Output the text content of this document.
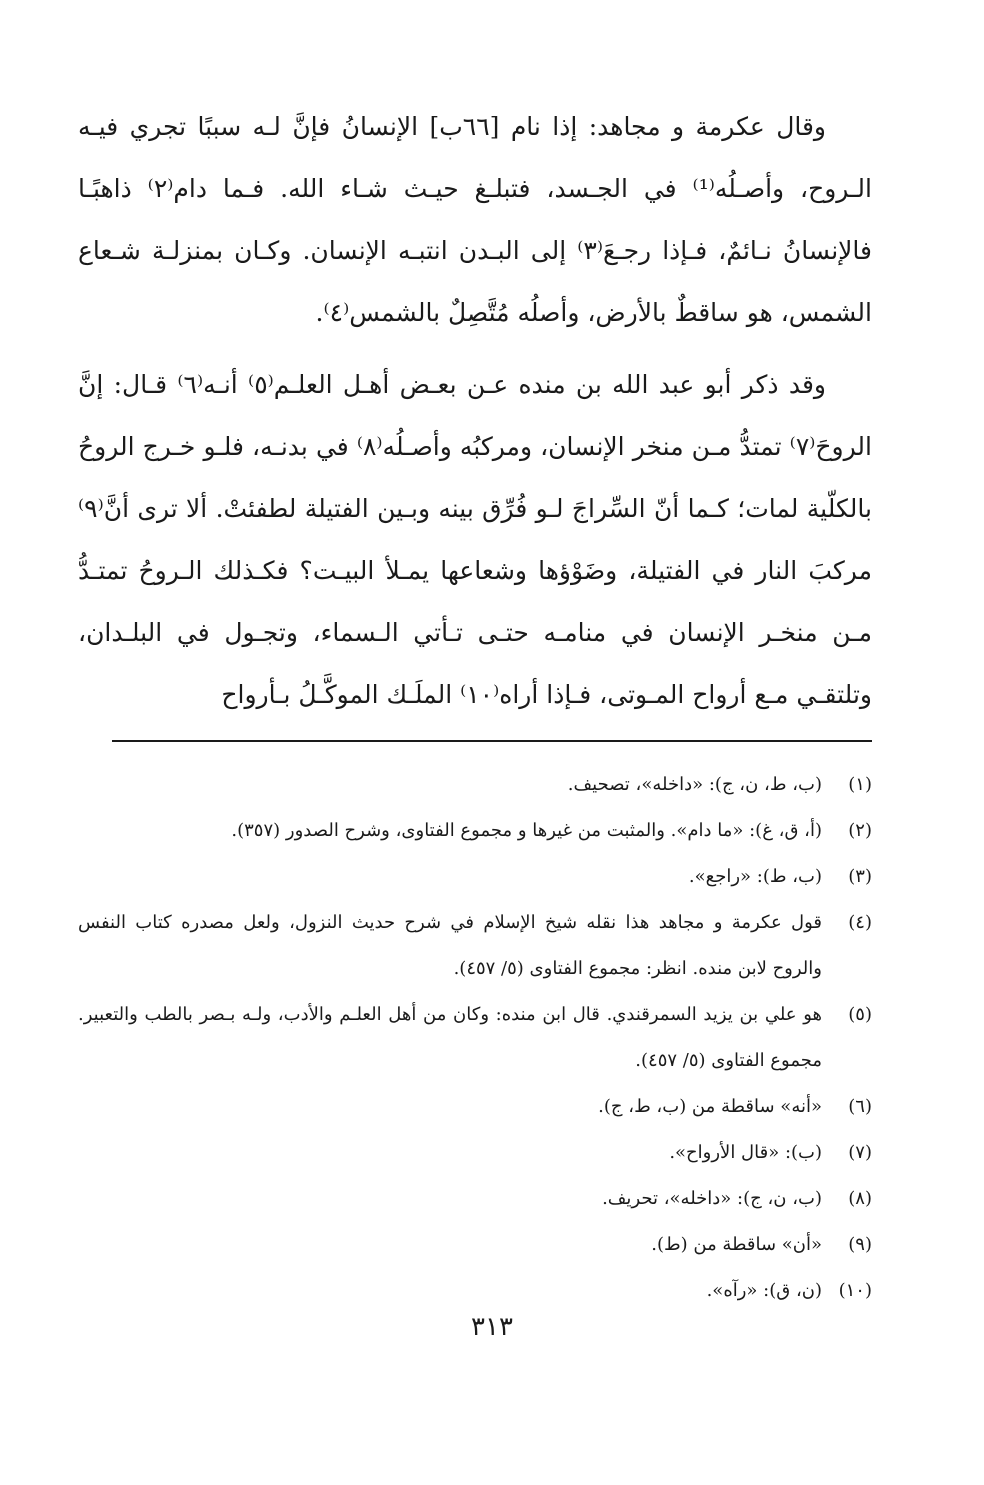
وقال عكرمة و مجاهد: إذا نام [٦٦ب] الإنسانُ فإنَّ لـه سببًا تجري فيـه الـروح، وأصـلُه⁽¹⁾ في الجـسد، فتبلـغ حيـث شـاء الله. فـما دام⁽٢⁾ ذاهبًـا فالإنسانُ نـائمٌ، فـإذا رجـعَ⁽٣⁾ إلى البـدن انتبـه الإنسان. وكـان بمنزلـة شـعاع الشمس، هو ساقطٌ بالأرض، وأصلُه مُتَّصِلٌ بالشمس⁽٤⁾.

وقد ذكر أبو عبد الله بن منده عـن بعـض أهـل العلـم⁽٥⁾ أنـه⁽٦⁾ قـال: إنَّ الروحَ⁽٧⁾ تمتدُّ مـن منخر الإنسان، ومركبُه وأصـلُه⁽٨⁾ في بدنـه، فلـو خـرج الروحُ بالكلّية لمات؛ كـما أنّ السِّراجَ لـو فُرِّق بينه وبـين الفتيلة لطفئتْ. ألا ترى أنَّ⁽٩⁾ مركبَ النار في الفتيلة، وضَوْؤها وشعاعها يمـلأ البيـت؟ فكـذلك الـروحُ تمتـدُّ مـن منخـر الإنسان في منامـه حتـى تـأتي الـسماء، وتجـول في البلـدان، وتلتقـي مـع أرواح المـوتى، فـإذا أراه⁽١٠⁾ الملَـك الموكَّـلُ بـأرواح

(١)
(ب، ط، ن، ج): «داخله»، تصحيف.
(٢)
(أ، ق، غ): «ما دام». والمثبت من غيرها و مجموع الفتاوى، وشرح الصدور (٣٥٧).
(٣)
(ب، ط): «راجع».
(٤)
قول عكرمة و مجاهد هذا نقله شيخ الإسلام في شرح حديث النزول، ولعل مصدره كتاب النفس والروح لابن منده. انظر: مجموع الفتاوى (٥/ ٤٥٧).
(٥)
هو علي بن يزيد السمرقندي. قال ابن منده: وكان من أهل العلـم والأدب، ولـه بـصر بالطب والتعبير. مجموع الفتاوى (٥/ ٤٥٧).
(٦)
«أنه» ساقطة من (ب، ط، ج).
(٧)
(ب): «قال الأرواح».
(٨)
(ب، ن، ج): «داخله»، تحريف.
(٩)
«أن» ساقطة من (ط).
(١٠)
(ن، ق): «رآه».
٣١٣
